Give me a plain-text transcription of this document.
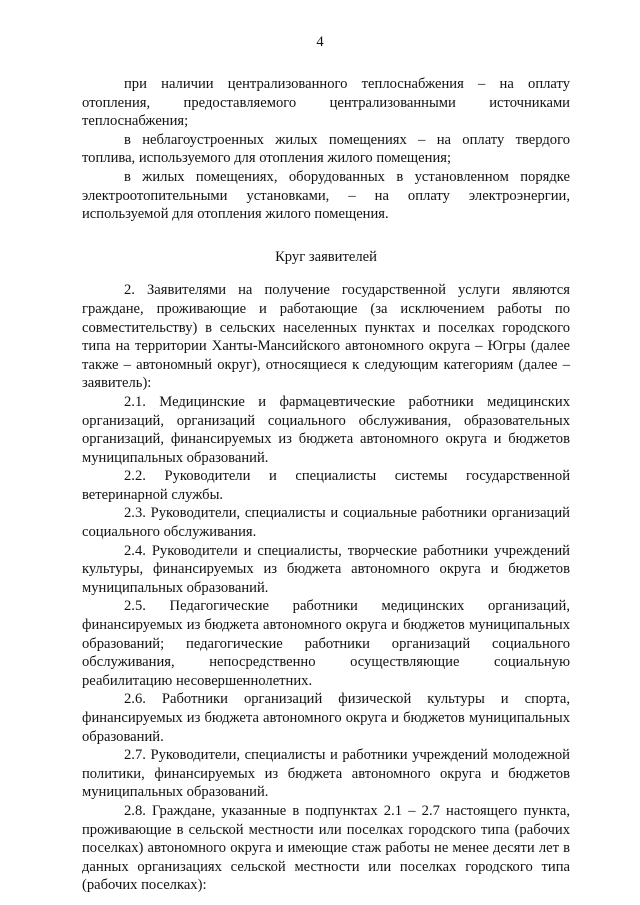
4

при наличии централизованного теплоснабжения – на оплату отопления, предоставляемого централизованными источниками теплоснабжения;

в неблагоустроенных жилых помещениях – на оплату твердого топлива, используемого для отопления жилого помещения;

в жилых помещениях, оборудованных в установленном порядке электроотопительными установками, – на оплату электроэнергии, используемой для отопления жилого помещения.

Круг заявителей

2. Заявителями на получение государственной услуги являются граждане, проживающие и работающие (за исключением работы по совместительству) в сельских населенных пунктах и поселках городского типа на территории Ханты-Мансийского автономного округа – Югры (далее также – автономный округ), относящиеся к следующим категориям (далее – заявитель):

2.1. Медицинские и фармацевтические работники медицинских организаций, организаций социального обслуживания, образовательных организаций, финансируемых из бюджета автономного округа и бюджетов муниципальных образований.

2.2. Руководители и специалисты системы государственной ветеринарной службы.

2.3. Руководители, специалисты и социальные работники организаций социального обслуживания.

2.4. Руководители и специалисты, творческие работники учреждений культуры, финансируемых из бюджета автономного округа и бюджетов муниципальных образований.

2.5. Педагогические работники медицинских организаций, финансируемых из бюджета автономного округа и бюджетов муниципальных образований; педагогические работники организаций социального обслуживания, непосредственно осуществляющие социальную реабилитацию несовершеннолетних.

2.6. Работники организаций физической культуры и спорта, финансируемых из бюджета автономного округа и бюджетов муниципальных образований.

2.7. Руководители, специалисты и работники учреждений молодежной политики, финансируемых из бюджета автономного округа и бюджетов муниципальных образований.

2.8. Граждане, указанные в подпунктах 2.1 – 2.7 настоящего пункта, проживающие в сельской местности или поселках городского типа (рабочих поселках) автономного округа и имеющие стаж работы не менее десяти лет в данных организациях сельской местности или поселках городского типа (рабочих поселках):
